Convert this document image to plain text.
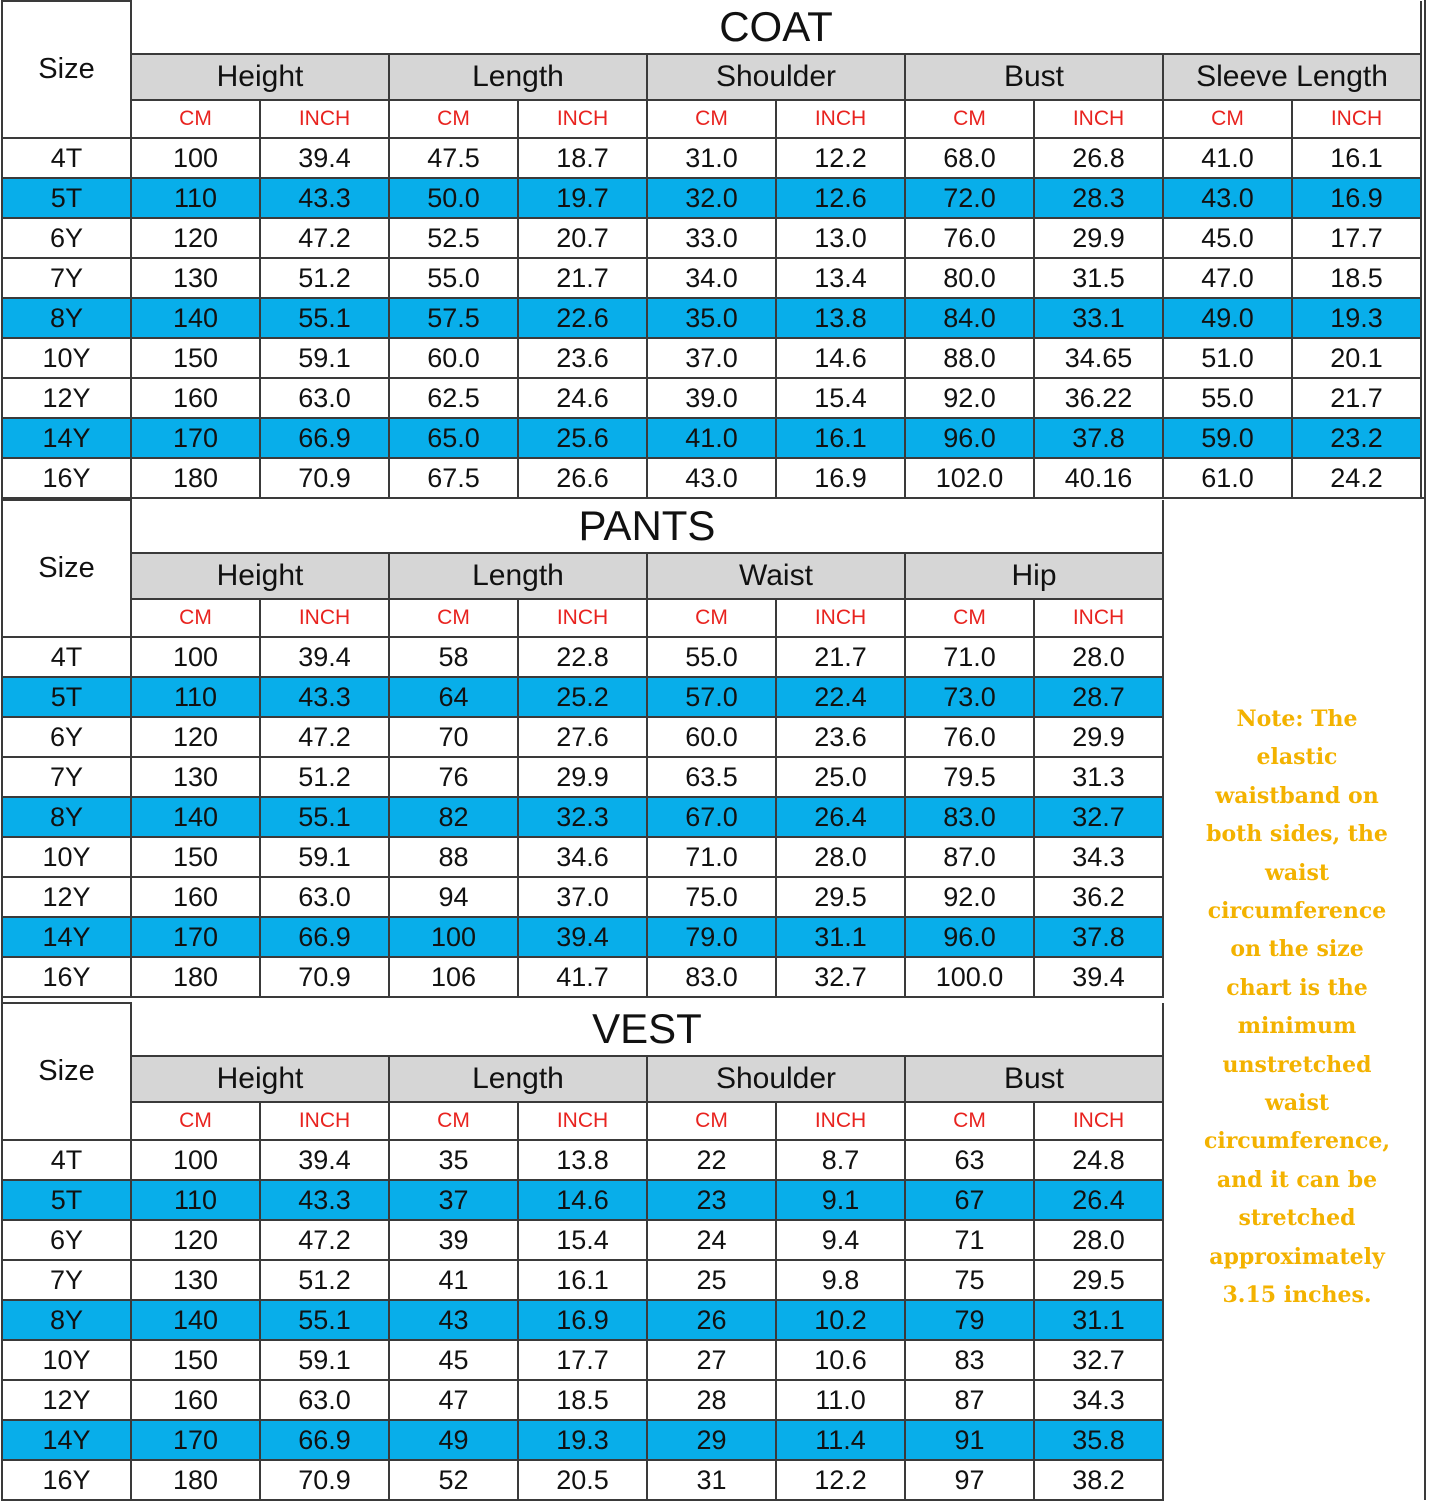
Size	COAT									
	Height		Length		Shoulder		Bust		Sleeve Length	
	CM	INCH	CM	INCH	CM	INCH	CM	INCH	CM	INCH
4T	100	39.4	47.5	18.7	31.0	12.2	68.0	26.8	41.0	16.1
5T	110	43.3	50.0	19.7	32.0	12.6	72.0	28.3	43.0	16.9
6Y	120	47.2	52.5	20.7	33.0	13.0	76.0	29.9	45.0	17.7
7Y	130	51.2	55.0	21.7	34.0	13.4	80.0	31.5	47.0	18.5
8Y	140	55.1	57.5	22.6	35.0	13.8	84.0	33.1	49.0	19.3
10Y	150	59.1	60.0	23.6	37.0	14.6	88.0	34.65	51.0	20.1
12Y	160	63.0	62.5	24.6	39.0	15.4	92.0	36.22	55.0	21.7
14Y	170	66.9	65.0	25.6	41.0	16.1	96.0	37.8	59.0	23.2
16Y	180	70.9	67.5	26.6	43.0	16.9	102.0	40.16	61.0	24.2
Size	PANTS							
	Height		Length		Waist		Hip	
	CM	INCH	CM	INCH	CM	INCH	CM	INCH
4T	100	39.4	58	22.8	55.0	21.7	71.0	28.0
5T	110	43.3	64	25.2	57.0	22.4	73.0	28.7
6Y	120	47.2	70	27.6	60.0	23.6	76.0	29.9
7Y	130	51.2	76	29.9	63.5	25.0	79.5	31.3
8Y	140	55.1	82	32.3	67.0	26.4	83.0	32.7
10Y	150	59.1	88	34.6	71.0	28.0	87.0	34.3
12Y	160	63.0	94	37.0	75.0	29.5	92.0	36.2
14Y	170	66.9	100	39.4	79.0	31.1	96.0	37.8
16Y	180	70.9	106	41.7	83.0	32.7	100.0	39.4
Size	VEST							
	Height		Length		Shoulder		Bust	
	CM	INCH	CM	INCH	CM	INCH	CM	INCH
4T	100	39.4	35	13.8	22	8.7	63	24.8
5T	110	43.3	37	14.6	23	9.1	67	26.4
6Y	120	47.2	39	15.4	24	9.4	71	28.0
7Y	130	51.2	41	16.1	25	9.8	75	29.5
8Y	140	55.1	43	16.9	26	10.2	79	31.1
10Y	150	59.1	45	17.7	27	10.6	83	32.7
12Y	160	63.0	47	18.5	28	11.0	87	34.3
14Y	170	66.9	49	19.3	29	11.4	91	35.8
16Y	180	70.9	52	20.5	31	12.2	97	38.2

Note: The
elastic
waistband on
both sides, the
waist
circumference
on the size
chart is the
minimum
unstretched
waist
circumference,
and it can be
stretched
approximately
3.15 inches.
